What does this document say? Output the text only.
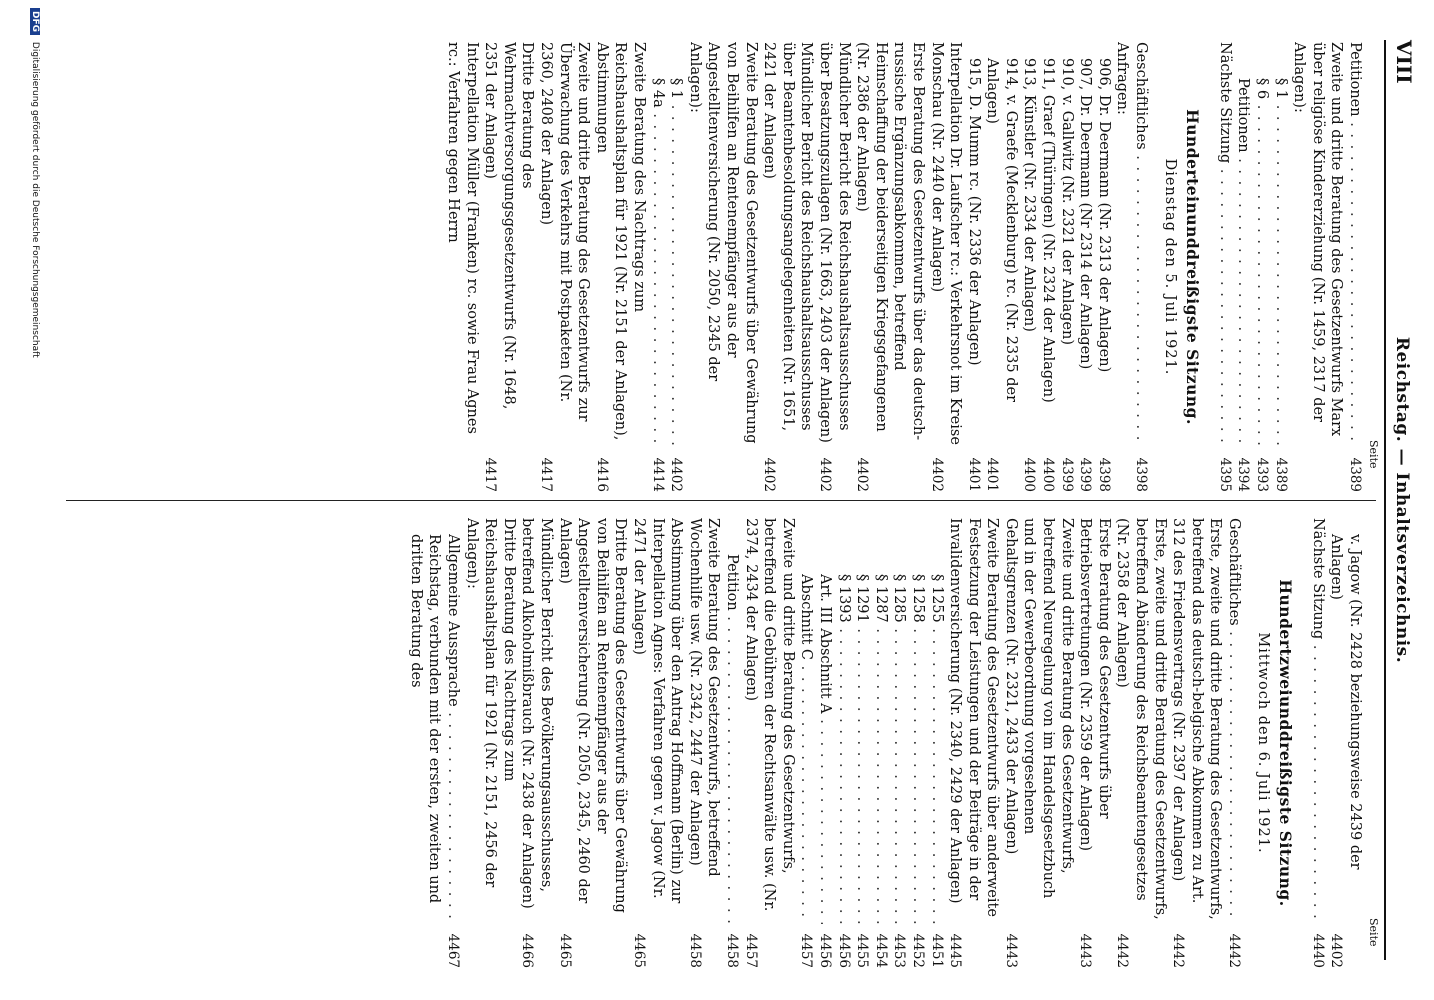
VIII
Reichstag. — Inhaltsverzeichnis.
Seite
Seite
Petitionen . . .
4389
Zweite und dritte Beratung des Gesetzentwurfs Marx über religiöse Kindererziehung (Nr. 1459, 2317 der Anlagen):
§ 1 . . .
4389
§ 6 . . .
4393
Petitionen . . .
4394
Nächste Sitzung . . .
4395
Hunderteinunddreißigste Sitzung.
Dienstag den 5. Juli 1921.
Geschäftliches . . .
4398
Anfragen:
906, Dr. Deermann (Nr. 2313 der Anlagen)
4398
907, Dr. Deermann (Nr 2314 der Anlagen)
4399
910, v. Gallwitz (Nr. 2321 der Anlagen)
4399
911, Graef (Thüringen) (Nr. 2324 der Anlagen)
4400
913, Künstler (Nr. 2334 der Anlagen)
4400
914, v. Graefe (Mecklenburg) rc. (Nr. 2335 der Anlagen)
4401
915, D. Mumm rc. (Nr. 2336 der Anlagen)
4401
Interpellation Dr. Laufscher rc.: Verkehrsnot im Kreise Monschau (Nr. 2440 der Anlagen)
4402
Erste Beratung des Gesetzentwurfs über das deutsch-russische Ergänzungsabkommen, betreffend Heimschaffung der beiderseitigen Kriegsgefangenen (Nr. 2386 der Anlagen)
4402
Mündlicher Bericht des Reichshaushaltsausschusses über Besatzungszulagen (Nr. 1663, 2403 der Anlagen)
4402
Mündlicher Bericht des Reichshaushaltsausschusses über Beamtenbesoldungsangelegenheiten (Nr. 1651, 2421 der Anlagen)
4402
Zweite Beratung des Gesetzentwurfs über Gewährung von Beihilfen an Rentenempfänger aus der Angestelltenversicherung (Nr. 2050, 2345 der Anlagen):
§ 1 . . .
4402
§ 4a . . .
4414
Zweite Beratung des Nachtrags zum Reichshaushaltsplan für 1921 (Nr. 2151 der Anlagen), Abstimmungen
4416
Zweite und dritte Beratung des Gesetzentwurfs zur Überwachung des Verkehrs mit Postpaketen (Nr. 2360, 2408 der Anlagen)
4417
Dritte Beratung des Wehrmachtversorgungsgesetzentwurfs (Nr. 1648, 2351 der Anlagen)
4417
Interpellation Müller (Franken) rc. sowie Frau Agnes rc.: Verfahren gegen Herrn
v. Jagow (Nr. 2428 beziehungsweise 2439 der Anlagen)
4402
Nächste Sitzung . . .
4440
Hundertzweiunddreißigste Sitzung.
Mittwoch den 6. Juli 1921.
Geschäftliches . . .
4442
Erste, zweite und dritte Beratung des Gesetzentwurfs, betreffend das deutsch-belgische Abkommen zu Art. 312 des Friedensvertrags (Nr. 2397 der Anlagen)
4442
Erste, zweite und dritte Beratung des Gesetzentwurfs, betreffend Abänderung des Reichsbeamtengesetzes (Nr. 2358 der Anlagen)
4442
Erste Beratung des Gesetzentwurfs über Betriebsvertretungen (Nr. 2359 der Anlagen)
4443
Zweite und dritte Beratung des Gesetzentwurfs, betreffend Neuregelung von im Handelsgesetzbuch und in der Gewerbeordnung vorgesehenen Gehaltsgrenzen (Nr. 2321, 2433 der Anlagen)
4443
Zweite Beratung des Gesetzentwurfs über anderweite Festsetzung der Leistungen und der Beiträge in der Invalidenversicherung (Nr. 2340, 2429 der Anlagen)
4445
§ 1255 . . .
4451
§ 1258 . . .
4452
§ 1285 . . .
4453
§ 1287 . . .
4454
§ 1291 . . .
4455
§ 1393 . . .
4456
Art. III Abschnitt A . . .
4456
Abschnitt C . . .
4457
Zweite und dritte Beratung des Gesetzentwurfs, betreffend die Gebühren der Rechtsanwälte usw. (Nr. 2374, 2434 der Anlagen)
4457
Petition . . .
4458
Zweite Beratung des Gesetzentwurfs, betreffend Wochenhilfe usw. (Nr. 2342, 2447 der Anlagen)
4458
Abstimmung über den Antrag Hoffmann (Berlin) zur Interpellation Agnes: Verfahren gegen v. Jagow (Nr. 2471 der Anlagen)
4465
Dritte Beratung des Gesetzentwurfs über Gewährung von Beihilfen an Rentenempfänger aus der Angestelltenversicherung (Nr. 2050, 2345, 2460 der Anlagen)
4465
Mündlicher Bericht des Bevölkerungsausschusses, betreffend Alkoholmißbrauch (Nr. 2438 der Anlagen)
4466
Dritte Beratung des Nachtrags zum Reichshaushaltsplan für 1921 (Nr. 2151, 2456 der Anlagen):
Allgemeine Aussprache . . .
4467
Reichstag, verbunden mit der ersten, zweiten und dritten Beratung des
DFG Digitalisierung gefördert durch die Deutsche Forschungsgemeinschaft
